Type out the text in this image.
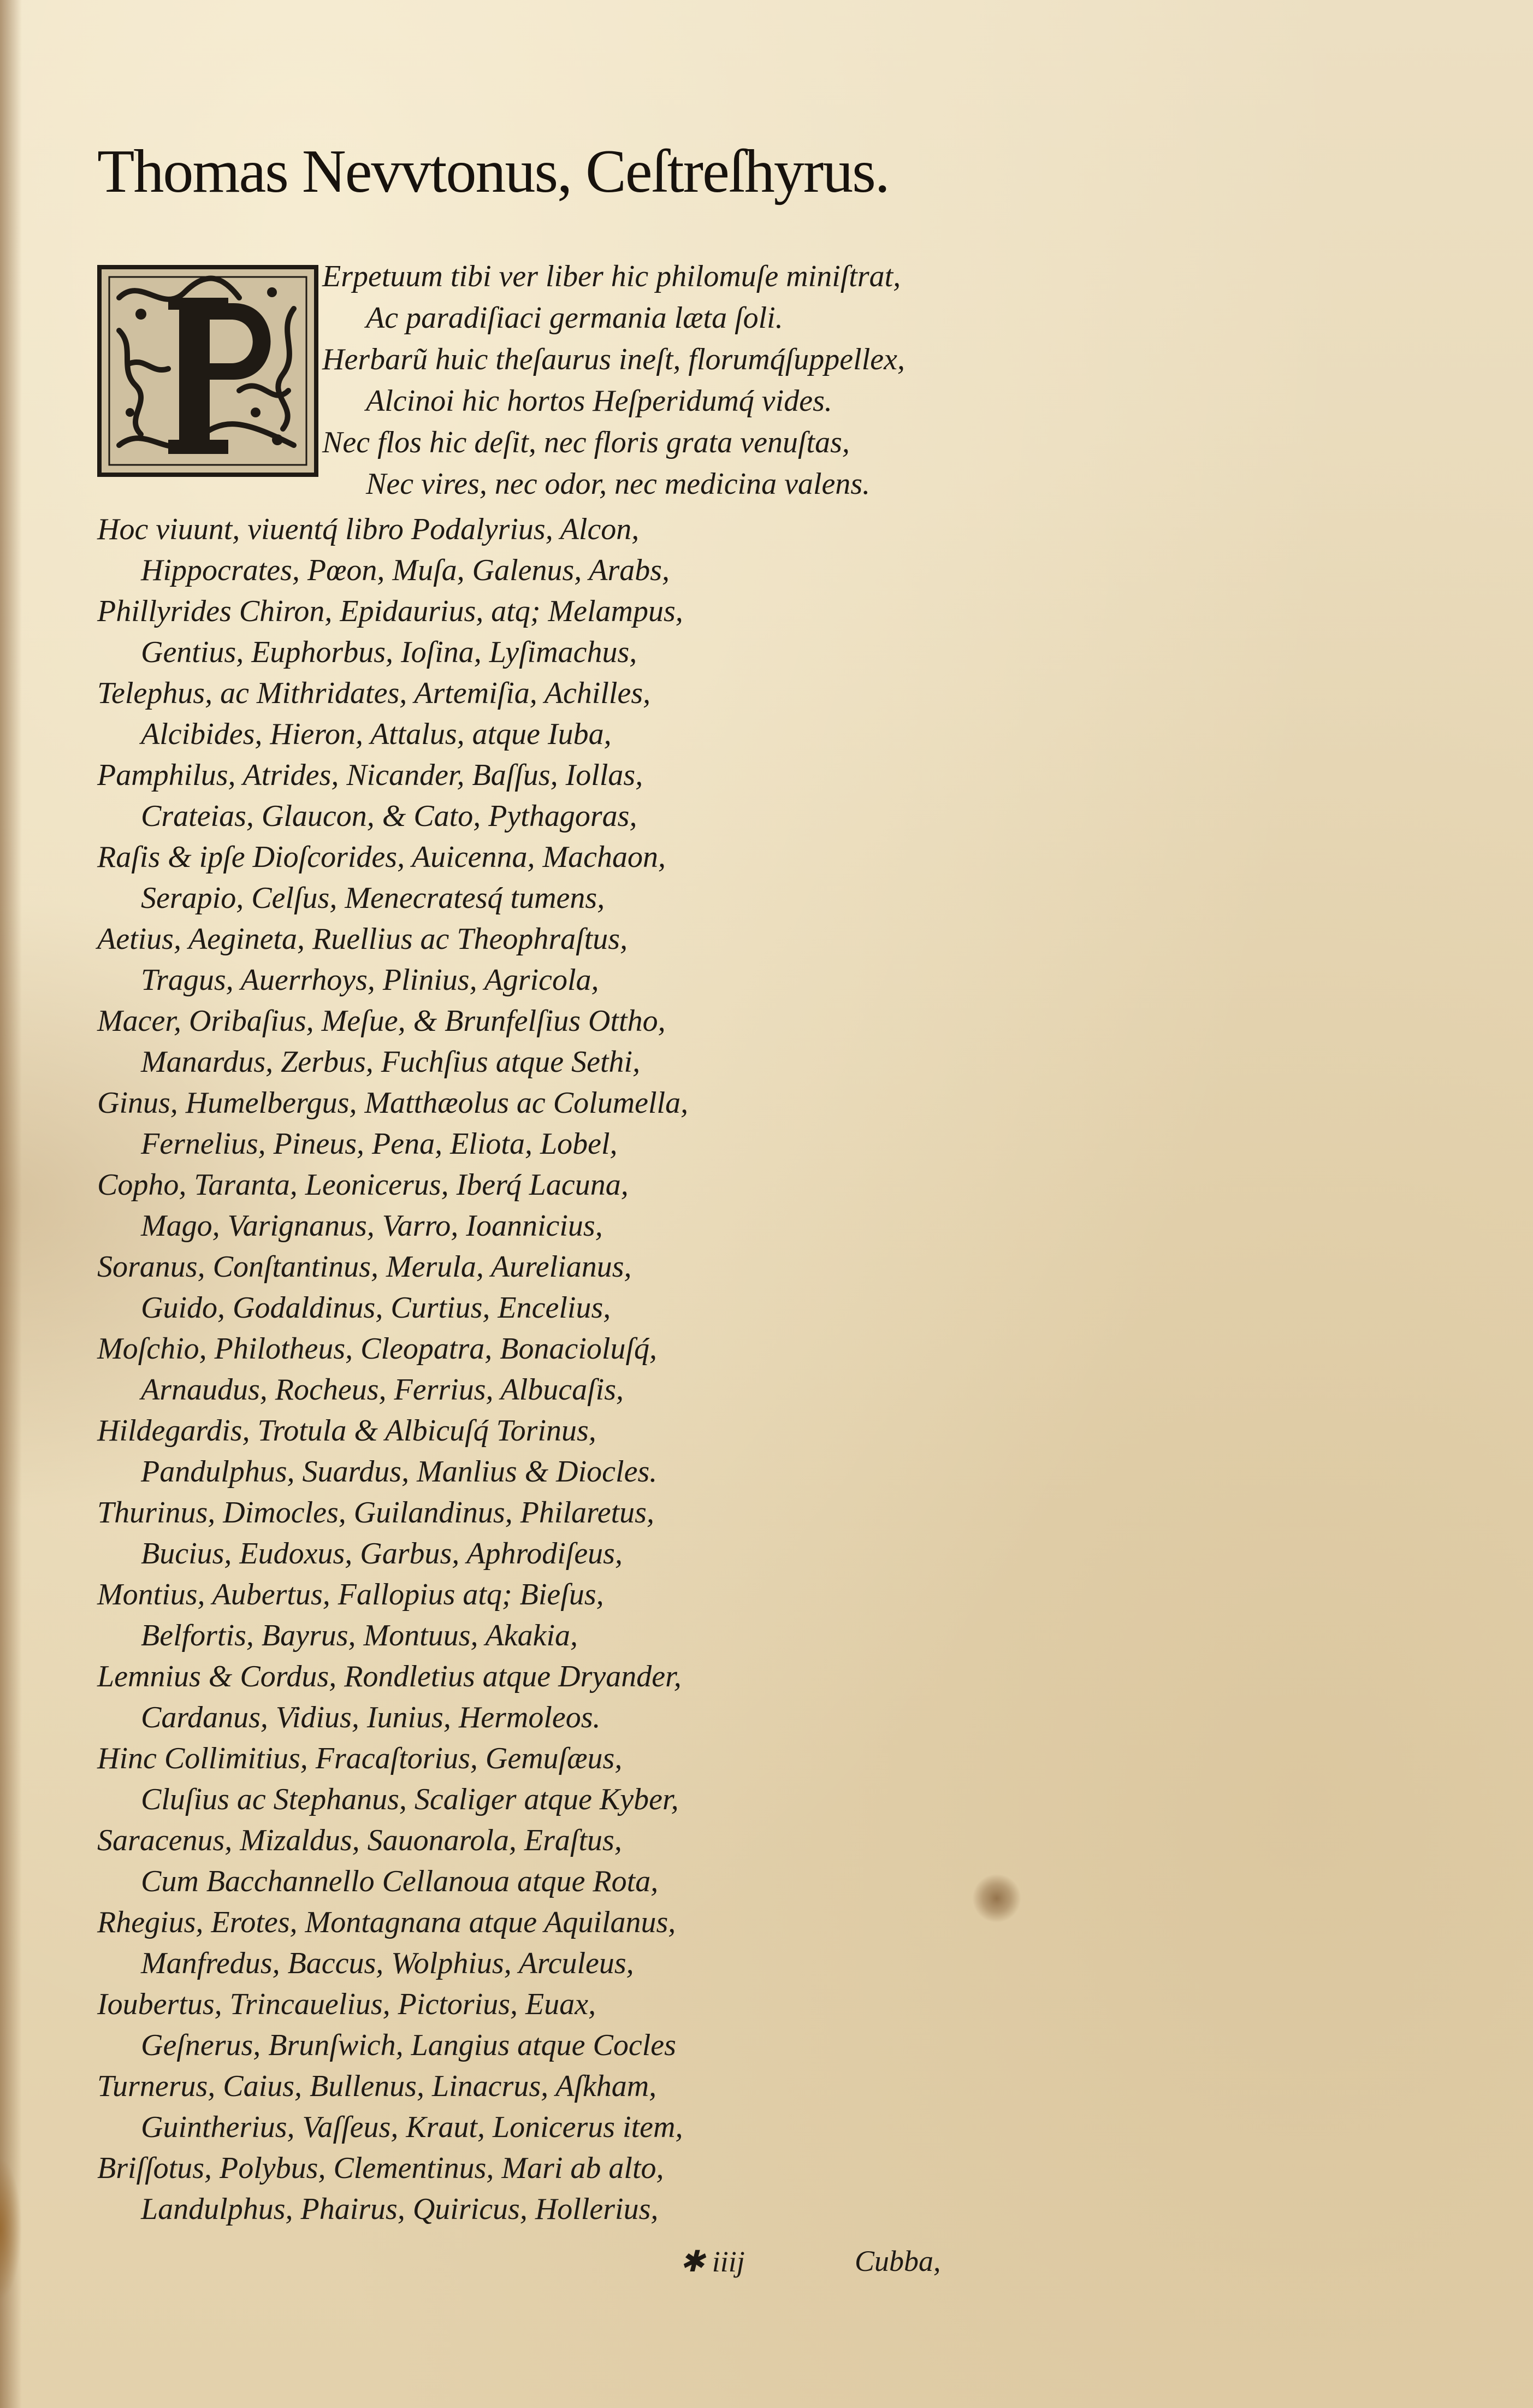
Thomas Nevvtonus, Ceſtreſhyrus.
Erpetuum tibi ver liber hic philomuſe miniſtrat,
Ac paradiſiaci germania læta ſoli.
Herbarũ huic theſaurus ineſt, florumq́ſuppellex,
Alcinoi hic hortos Heſperidumq́ vides.
Nec flos hic deſit, nec floris grata venuſtas,
Nec vires, nec odor, nec medicina valens.
Hoc viuunt, viuentq́ libro Podalyrius, Alcon,
Hippocrates, Pœon, Muſa, Galenus, Arabs,
Phillyrides Chiron, Epidaurius, atq; Melampus,
Gentius, Euphorbus, Ioſina, Lyſimachus,
Telephus, ac Mithridates, Artemiſia, Achilles,
Alcibides, Hieron, Attalus, atque Iuba,
Pamphilus, Atrides, Nicander, Baſſus, Iollas,
Crateias, Glaucon, & Cato, Pythagoras,
Raſis & ipſe Dioſcorides, Auicenna, Machaon,
Serapio, Celſus, Menecratesq́ tumens,
Aetius, Aegineta, Ruellius ac Theophraſtus,
Tragus, Auerrhoys, Plinius, Agricola,
Macer, Oribaſius, Meſue, & Brunfelſius Ottho,
Manardus, Zerbus, Fuchſius atque Sethi,
Ginus, Humelbergus, Matthæolus ac Columella,
Fernelius, Pineus, Pena, Eliota, Lobel,
Copho, Taranta, Leonicerus, Iberq́ Lacuna,
Mago, Varignanus, Varro, Ioannicius,
Soranus, Conſtantinus, Merula, Aurelianus,
Guido, Godaldinus, Curtius, Encelius,
Moſchio, Philotheus, Cleopatra, Bonacioluſq́,
Arnaudus, Rocheus, Ferrius, Albucaſis,
Hildegardis, Trotula & Albicuſq́ Torinus,
Pandulphus, Suardus, Manlius & Diocles.
Thurinus, Dimocles, Guilandinus, Philaretus,
Bucius, Eudoxus, Garbus, Aphrodiſeus,
Montius, Aubertus, Fallopius atq; Bieſus,
Belfortis, Bayrus, Montuus, Akakia,
Lemnius & Cordus, Rondletius atque Dryander,
Cardanus, Vidius, Iunius, Hermoleos.
Hinc Collimitius, Fracaſtorius, Gemuſæus,
Cluſius ac Stephanus, Scaliger atque Kyber,
Saracenus, Mizaldus, Sauonarola, Eraſtus,
Cum Bacchannello Cellanoua atque Rota,
Rhegius, Erotes, Montagnana atque Aquilanus,
Manfredus, Baccus, Wolphius, Arculeus,
Ioubertus, Trincauelius, Pictorius, Euax,
Geſnerus, Brunſwich, Langius atque Cocles
Turnerus, Caius, Bullenus, Linacrus, Aſkham,
Guintherius, Vaſſeus, Kraut, Lonicerus item,
Briſſotus, Polybus, Clementinus, Mari ab alto,
Landulphus, Phairus, Quiricus, Hollerius,
✱ iiij	Cubba,
